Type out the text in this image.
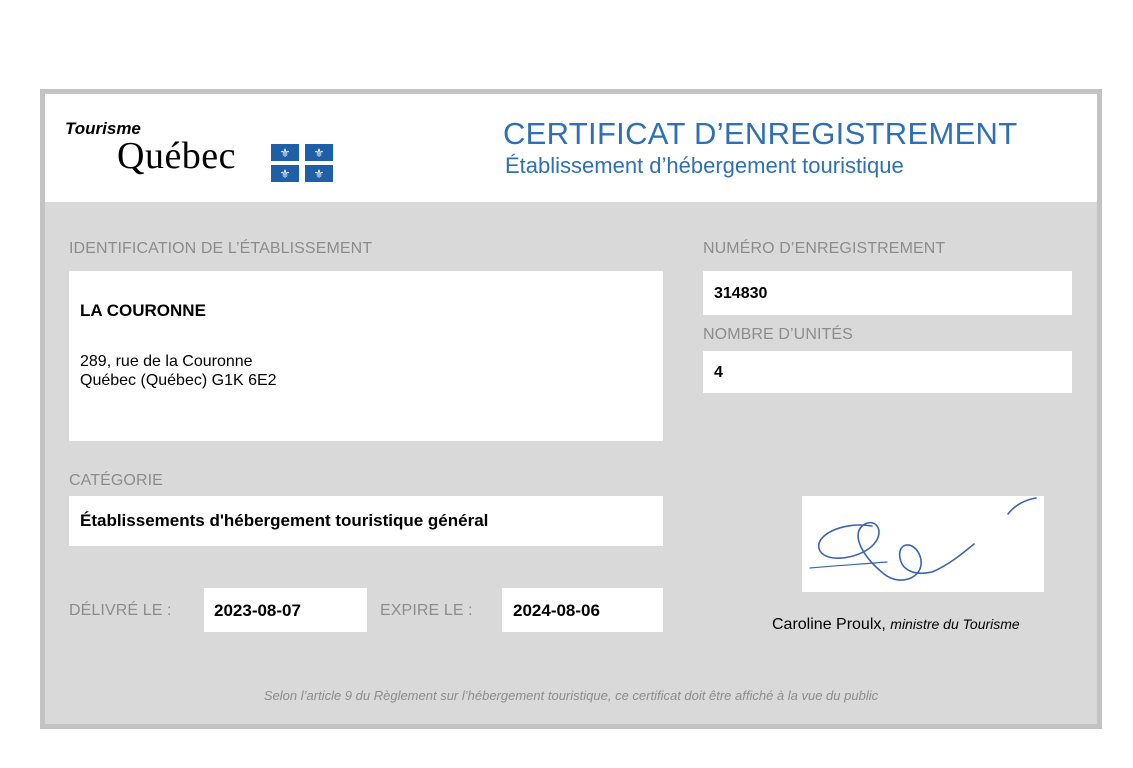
Tourisme
Québec	⚜ ⚜
⚜ ⚜
CERTIFICAT D’ENREGISTREMENT
Établissement d’hébergement touristique
IDENTIFICATION DE L’ÉTABLISSEMENT
LA COURONNE
289, rue de la Couronne
Québec (Québec) G1K 6E2
NUMÉRO D’ENREGISTREMENT
314830
NOMBRE D’UNITÉS
4
CATÉGORIE
Établissements d'hébergement touristique général
DÉLIVRÉ LE : 2023-08-07	EXPIRE LE : 2024-08-06
Caroline Proulx, ministre du Tourisme
Selon l’article 9 du Règlement sur l’hébergement touristique, ce certificat doit être affiché à la vue du public
